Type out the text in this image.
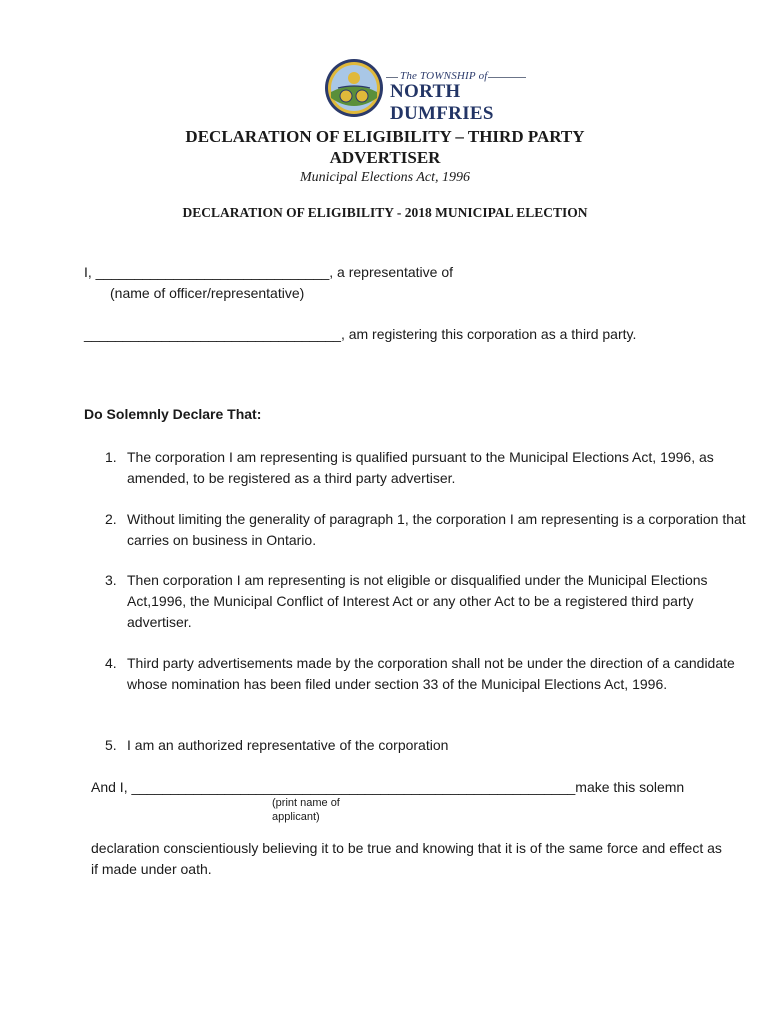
The TOWNSHIP of
NORTH DUMFRIES
DECLARATION OF ELIGIBILITY – THIRD PARTY
ADVERTISER
Municipal Elections Act, 1996
DECLARATION OF ELIGIBILITY - 2018 MUNICIPAL ELECTION
I, ______________________________, a representative of
(name of officer/representative)
_________________________________, am registering this corporation as a third party.
Do Solemnly Declare That:
1. The corporation I am representing is qualified pursuant to the Municipal Elections Act, 1996, as amended, to be registered as a third party advertiser.
2. Without limiting the generality of paragraph 1, the corporation I am representing is a corporation that carries on business in Ontario.
3. Then corporation I am representing is not eligible or disqualified under the Municipal Elections Act,1996, the Municipal Conflict of Interest Act or any other Act to be a registered third party advertiser.
4. Third party advertisements made by the corporation shall not be under the direction of a candidate whose nomination has been filed under section 33 of the Municipal Elections Act, 1996.
5. I am an authorized representative of the corporation
And I, _________________________________________________________make this solemn
(print name of
applicant)
declaration conscientiously believing it to be true and knowing that it is of the same force and effect as if made under oath.
